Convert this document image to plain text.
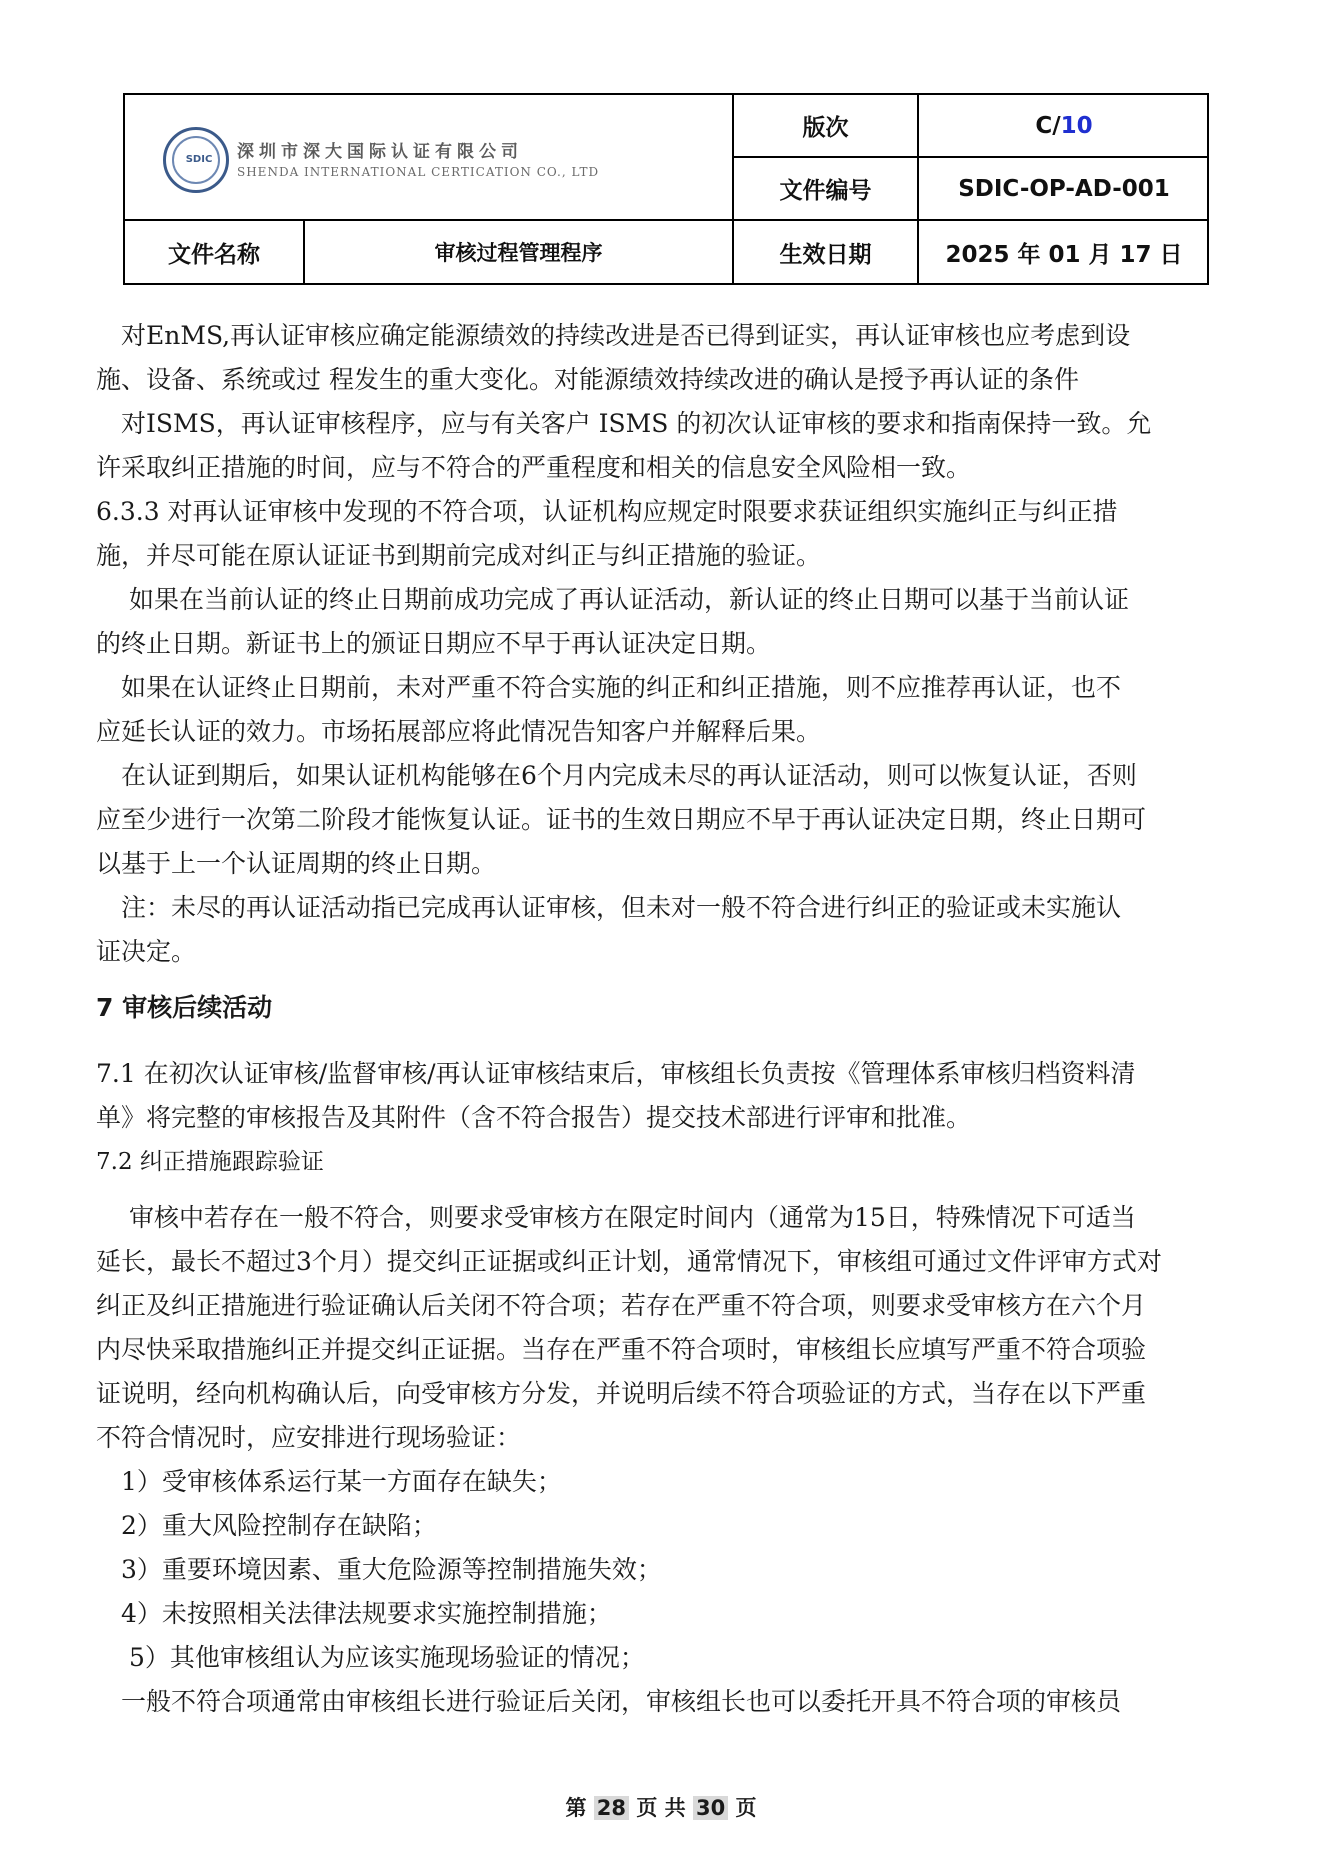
SDIC	深圳市深大国际认证有限公司
SHENDA INTERNATIONAL CERTICATION CO., LTD
版次	C/ 10
文件编号	SDIC-OP-AD-001
文件名称	审核过程管理程序	生效日期	2025 年 01 月 17 日
　对EnMS,再认证审核应确定能源绩效的持续改进是否已得到证实，再认证审核也应考虑到设
施、设备、系统或过 程发生的重大变化。对能源绩效持续改进的确认是授予再认证的条件
　对ISMS，再认证审核程序，应与有关客户 ISMS 的初次认证审核的要求和指南保持一致。允
许采取纠正措施的时间，应与不符合的严重程度和相关的信息安全风险相一致。
6.3.3 对再认证审核中发现的不符合项，认证机构应规定时限要求获证组织实施纠正与纠正措
施，并尽可能在原认证证书到期前完成对纠正与纠正措施的验证。
　 如果在当前认证的终止日期前成功完成了再认证活动，新认证的终止日期可以基于当前认证
的终止日期。新证书上的颁证日期应不早于再认证决定日期。
　如果在认证终止日期前，未对严重不符合实施的纠正和纠正措施，则不应推荐再认证，也不
应延长认证的效力。市场拓展部应将此情况告知客户并解释后果。
　在认证到期后，如果认证机构能够在6个月内完成未尽的再认证活动，则可以恢复认证，否则
应至少进行一次第二阶段才能恢复认证。证书的生效日期应不早于再认证决定日期，终止日期可
以基于上一个认证周期的终止日期。
　注：未尽的再认证活动指已完成再认证审核，但未对一般不符合进行纠正的验证或未实施认
证决定。
7 审核后续活动
7.1 在初次认证审核/监督审核/再认证审核结束后，审核组长负责按《管理体系审核归档资料清
单》将完整的审核报告及其附件（含不符合报告）提交技术部进行评审和批准。
7.2 纠正措施跟踪验证
　 审核中若存在一般不符合，则要求受审核方在限定时间内（通常为15日，特殊情况下可适当
延长，最长不超过3个月）提交纠正证据或纠正计划，通常情况下，审核组可通过文件评审方式对
纠正及纠正措施进行验证确认后关闭不符合项；若存在严重不符合项，则要求受审核方在六个月
内尽快采取措施纠正并提交纠正证据。当存在严重不符合项时，审核组长应填写严重不符合项验
证说明，经向机构确认后，向受审核方分发，并说明后续不符合项验证的方式，当存在以下严重
不符合情况时，应安排进行现场验证：
　1）受审核体系运行某一方面存在缺失；
　2）重大风险控制存在缺陷；
　3）重要环境因素、重大危险源等控制措施失效；
　4）未按照相关法律法规要求实施控制措施；
　 5）其他审核组认为应该实施现场验证的情况；
　一般不符合项通常由审核组长进行验证后关闭，审核组长也可以委托开具不符合项的审核员
第 28 页 共 30 页
